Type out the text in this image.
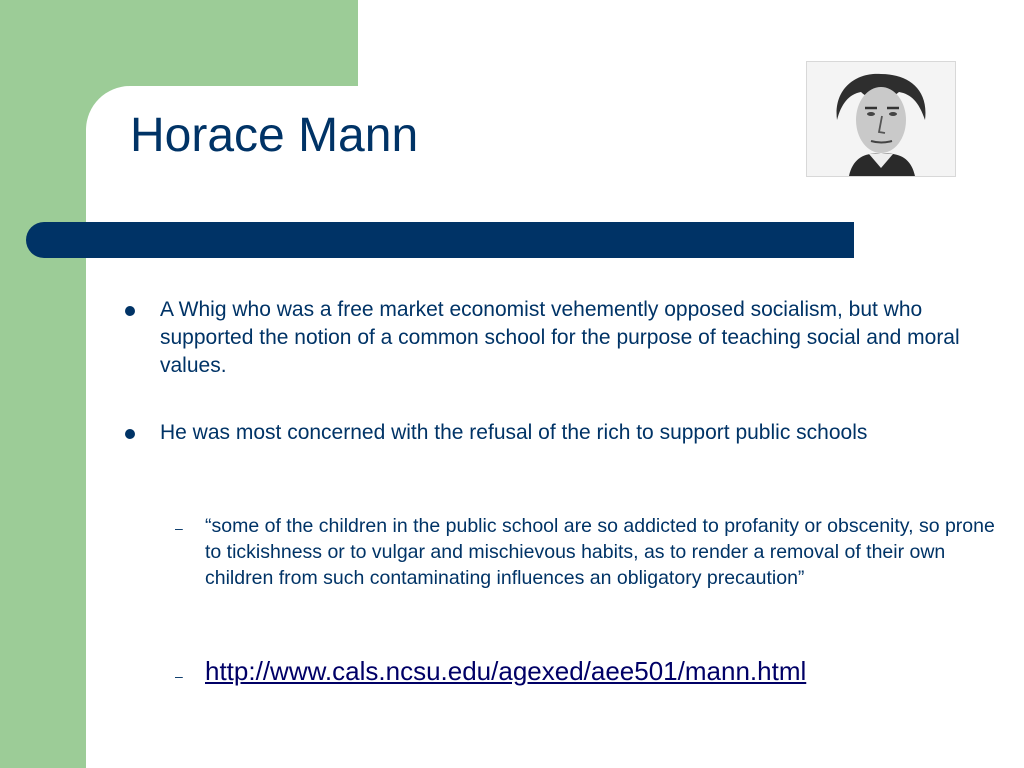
Horace Mann

A Whig who was a free market economist vehemently opposed socialism, but who supported the notion of a common school for the purpose of teaching social and moral values.

He was most concerned with the refusal of the rich to support public schools

– “some of the children in the public school are so addicted to profanity or obscenity, so prone to tickishness or to vulgar and mischievous habits, as to render a removal of their own children from such contaminating influences an obligatory precaution”

– http://www.cals.ncsu.edu/agexed/aee501/mann.html
